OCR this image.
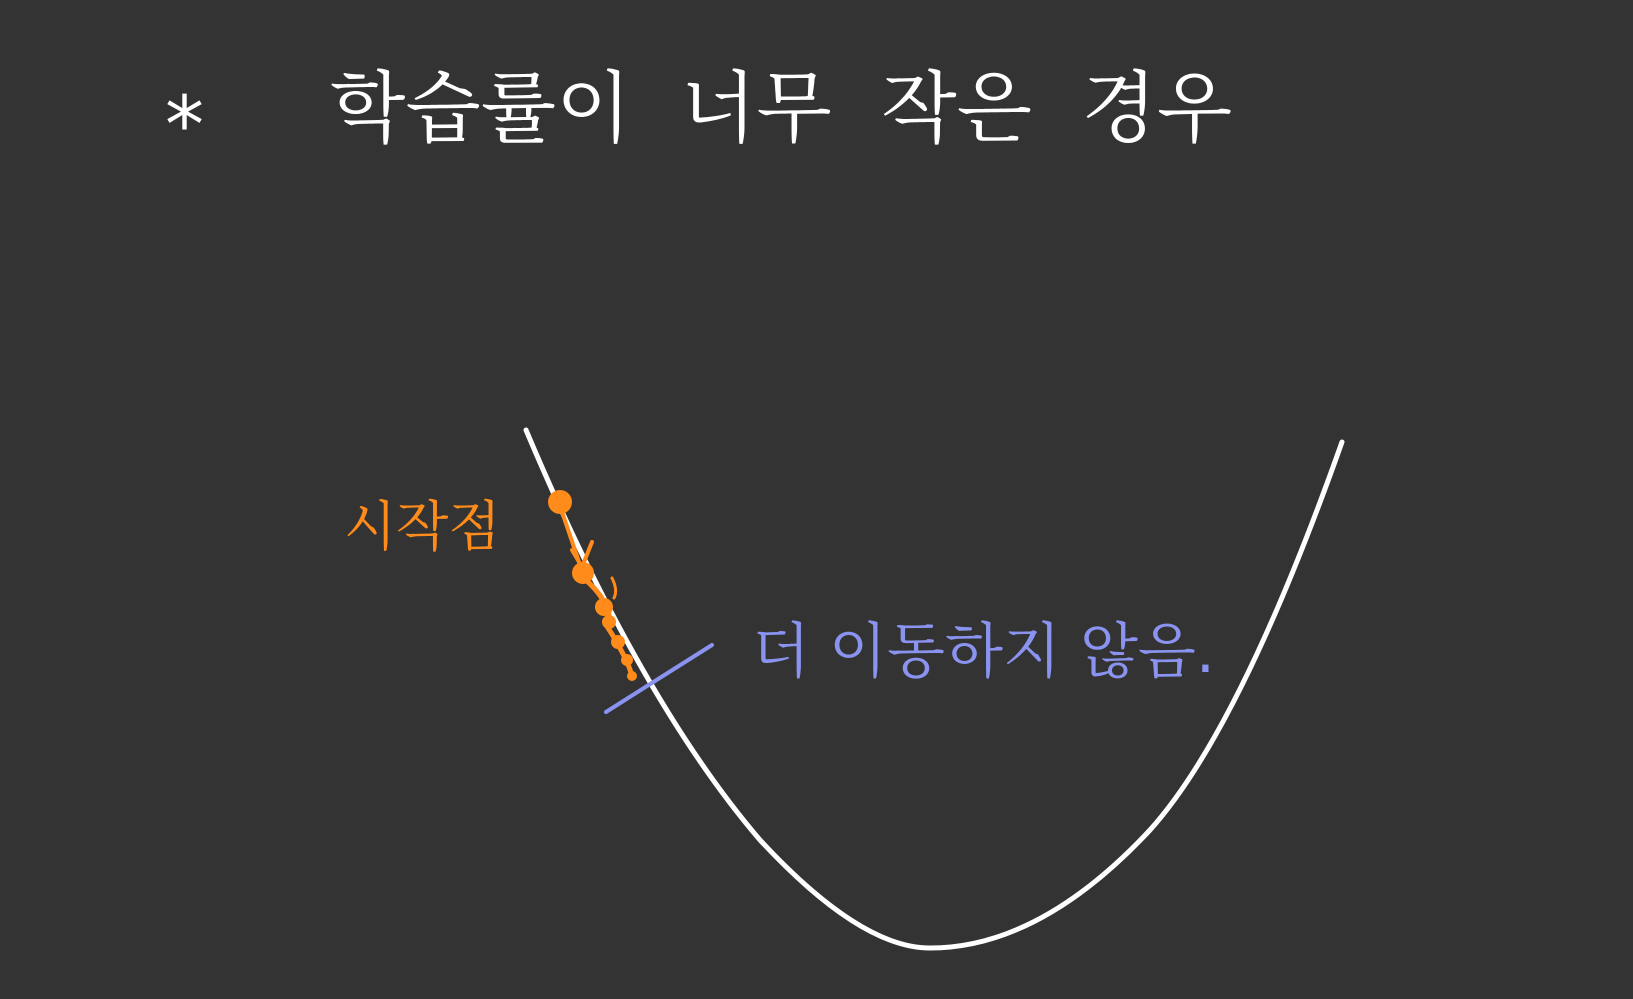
* 학습률이  너무  작은  경우
시작점
더 이동하지 않음.
